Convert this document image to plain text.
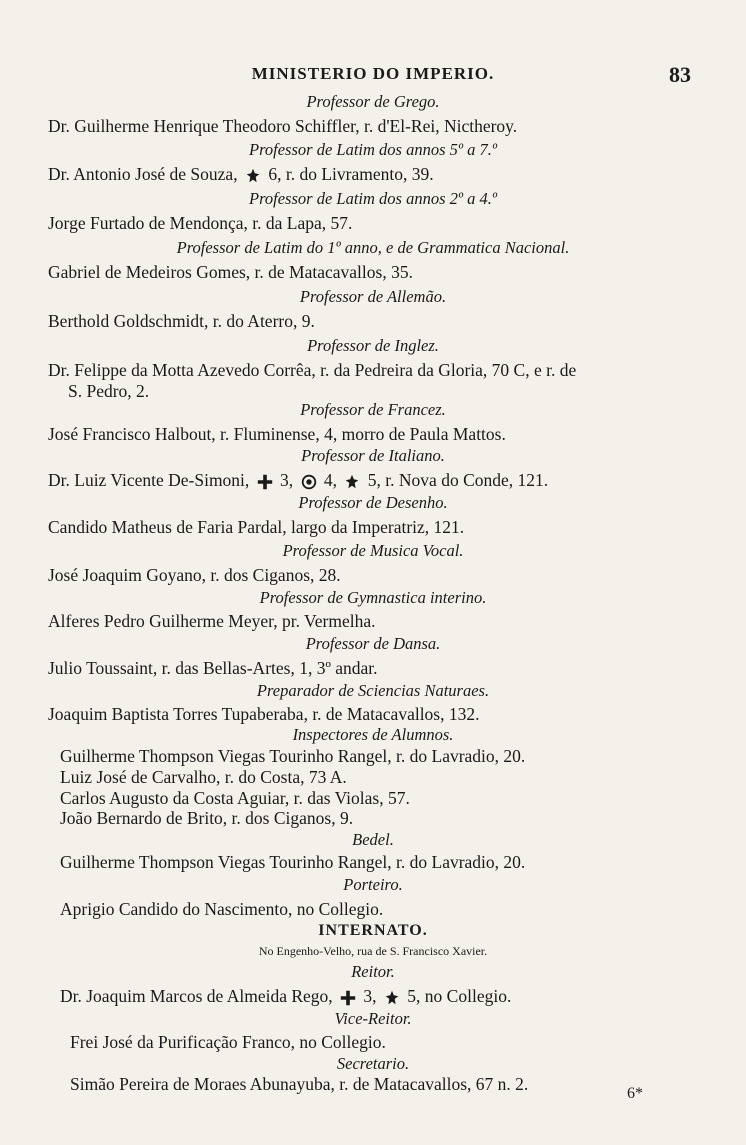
MINISTERIO DO IMPERIO.	83
Professor de Grego.
Dr. Guilherme Henrique Theodoro Schiffler, r. d'El-Rei, Nictheroy.
Professor de Latim dos annos 5º a 7.º
Dr. Antonio José de Souza, 6, r. do Livramento, 39.
Professor de Latim dos annos 2º a 4.º
Jorge Furtado de Mendonça, r. da Lapa, 57.
Professor de Latim do 1º anno, e de Grammatica Nacional.
Gabriel de Medeiros Gomes, r. de Matacavallos, 35.
Professor de Allemão.
Berthold Goldschmidt, r. do Aterro, 9.
Professor de Inglez.
Dr. Felippe da Motta Azevedo Corrêa, r. da Pedreira da Gloria, 70 C, e r. de
S. Pedro, 2.
Professor de Francez.
José Francisco Halbout, r. Fluminense, 4, morro de Paula Mattos.
Professor de Italiano.
Dr. Luiz Vicente De-Simoni, 3, 4, 5, r. Nova do Conde, 121.
Professor de Desenho.
Candido Matheus de Faria Pardal, largo da Imperatriz, 121.
Professor de Musica Vocal.
José Joaquim Goyano, r. dos Ciganos, 28.
Professor de Gymnastica interino.
Alferes Pedro Guilherme Meyer, pr. Vermelha.
Professor de Dansa.
Julio Toussaint, r. das Bellas-Artes, 1, 3º andar.
Preparador de Sciencias Naturaes.
Joaquim Baptista Torres Tupaberaba, r. de Matacavallos, 132.
Inspectores de Alumnos.
Guilherme Thompson Viegas Tourinho Rangel, r. do Lavradio, 20.
Luiz José de Carvalho, r. do Costa, 73 A.
Carlos Augusto da Costa Aguiar, r. das Violas, 57.
João Bernardo de Brito, r. dos Ciganos, 9.
Bedel.
Guilherme Thompson Viegas Tourinho Rangel, r. do Lavradio, 20.
Porteiro.
Aprigio Candido do Nascimento, no Collegio.
INTERNATO.
No Engenho-Velho, rua de S. Francisco Xavier.
Reitor.
Dr. Joaquim Marcos de Almeida Rego, 3, 5, no Collegio.
Vice-Reitor.
Frei José da Purificação Franco, no Collegio.
Secretario.
Simão Pereira de Moraes Abunayuba, r. de Matacavallos, 67 n. 2.	6*
